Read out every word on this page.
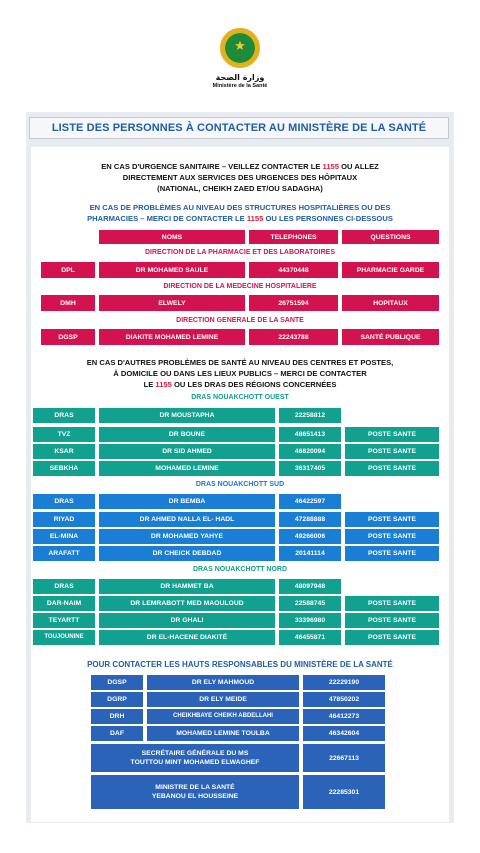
★
وزارة الصحة
Ministère de la Santé
LISTE DES PERSONNES À CONTACTER AU MINISTÈRE DE LA SANTÉ
EN CAS D'URGENCE SANITAIRE – VEILLEZ CONTACTER LE 1155 OU ALLEZ
DIRECTEMENT AUX SERVICES DES URGENCES DES HÔPITAUX
(NATIONAL, CHEIKH ZAED ET/OU SADAGHA)
EN CAS DE PROBLÈMES AU NIVEAU DES STRUCTURES HOSPITALIÈRES OU DES
PHARMACIES – MERCI DE CONTACTER LE 1155 OU LES PERSONNES CI-DESSOUS
NOMS	TELEPHONES	QUESTIONS
DIRECTION DE LA PHARMACIE ET DES LABORATOIRES
DPL	DR MOHAMED SAULE	44370448	PHARMACIE GARDE
DIRECTION DE LA MEDECINE HOSPITALIERE
DMH	ELWELY	26751594	HOPITAUX
DIRECTION GENERALE DE LA SANTE
DGSP	DIAKITE MOHAMED LEMINE	22243788	SANTÉ PUBLIQUE
EN CAS D'AUTRES PROBLÈMES DE SANTÉ AU NIVEAU DES CENTRES ET POSTES,
À DOMICILE OU DANS LES LIEUX PUBLICS – MERCI DE CONTACTER
LE 1155 OU LES DRAS DES RÉGIONS CONCERNÉES
DRAS NOUAKCHOTT OUEST
DRAS	DR MOUSTAPHA	22258812
TVZ	DR BOUNE	48651413	POSTE SANTE
KSAR	DR SID AHMED	46820094	POSTE SANTE
SEBKHA	MOHAMED LEMINE	36317405	POSTE SANTE
DRAS NOUAKCHOTT SUD
DRAS	DR BEMBA	46422597
RIYAD	DR AHMED NALLA EL- HADL	47288888	POSTE SANTE
EL-MINA	DR MOHAMED YAHYE	49266006	POSTE SANTE
ARAFATT	DR CHEICK DEBDAD	20141114	POSTE SANTE
DRAS NOUAKCHOTT NORD
DRAS	DR HAMMET BA	48097948
DAR-NAIM	DR LEMRABOTT MED MAOULOUD	22588745	POSTE SANTE
TEYARTT	DR GHALI	33396980	POSTE SANTE
TOUJOUNINE	DR EL-HACENE DIAKITÉ	46455871	POSTE SANTE
POUR CONTACTER LES HAUTS RESPONSABLES DU MINISTÈRE DE LA SANTÉ
DGSP	DR ELY MAHMOUD	22229190
DGRP	DR ELY MEIDE	47850202
DRH	CHEIKHBAYE CHEIKH ABDELLAHI	46412273
DAF	MOHAMED LEMINE TOULBA	46342604
SECRÉTAIRE GÉNÉRALE DU MS
TOUTTOU MINT MOHAMED ELWAGHEF
22667113
MINISTRE DE LA SANTÉ
YEBANOU EL HOUSSEINE
22285301
